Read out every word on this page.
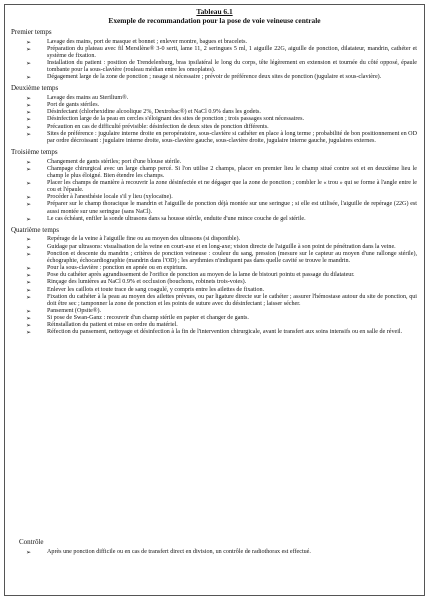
Tableau 6.1
Exemple de recommandation pour la pose de voie veineuse centrale
Premier temps
➢	Lavage des mains, port de masque et bonnet ; enlever montre, bagues et bracelets.
➢	Préparation du plateau avec fil Mersilène® 3-0 serti, lame 11, 2 seringues 5 ml, 1 aiguille 22G, aiguille de ponction, dilatateur, mandrin, cathéter et système de fixation.
➢	Installation du patient : position de Trendelenburg, bras ipsilatéral le long du corps, tête légèrement en extension et tournée du côté opposé, épaule tombante pour la sous-clavière (rouleau médian entre les omoplates).
➢	Dégagement large de la zone de ponction ; rasage si nécessaire ; prévoir de préférence deux sites de ponction (jugulaire et sous-clavière).
Deuxième temps
➢	Lavage des mains au Sterilium®.
➢	Port de gants stériles.
➢	Désinfectant (chlorhexidine alcoolique 2%, Dextrobac®) et NaCl 0.9% dans les godets.
➢	Désinfection large de la peau en cercles s'éloignant des sites de ponction ; trois passages sont nécessaires.
➢	Précaution en cas de difficulté prévisible: désinfection de deux sites de ponction différents.
➢	Sites de préférence : jugulaire interne droite en peropératoire, sous-clavière si cathéter en place à long terme ; probabilité de bon positionnement en OD par ordre décroissant : jugulaire interne droite, sous-clavière gauche, sous-clavière droite, jugulaire interne gauche, jugulaires externes.
Troisième temps
➢	Changement de gants stériles; port d'une blouse stérile.
➢	Champage chirurgical avec un large champ percé. Si l'on utilise 2 champs, placer en premier lieu le champ situé contre soi et en deuxième lieu le champ le plus éloigné. Bien étendre les champs.
➢	Placer les champs de manière à recouvrir la zone désinfectée et ne dégager que la zone de ponction ; combler le « trou » qui se forme à l'angle entre le cou et l'épaule.
➢	Procéder à l'anesthésie locale s'il y lieu (xylocaïne).
➢	Préparer sur le champ thoracique le mandrin et l'aiguille de ponction déjà montée sur une seringue ; si elle est utilisée, l'aiguille de repérage (22G) est aussi montée sur une seringue (sans NaCl).
➢	Le cas échéant, enfiler la sonde ultrasons dans sa housse stérile, enduite d'une mince couche de gel stérile.
Quatrième temps
➢	Repérage de la veine à l'aiguille fine ou au moyen des ultrasons (si disponible).
➢	Guidage par ultrasons: visualisation de la veine en court-axe et en long-axe; vision directe de l'aiguille à son point de pénétration dans la veine.
➢	Ponction et descente du mandrin ; critères de ponction veineuse : couleur du sang, pression (mesure sur le capteur au moyen d'une rallonge stérile), échographie, échocardiographie (mandrin dans l'OD) ; les arythmies n'indiquent pas dans quelle cavité se trouve le mandrin.
➢	Pour la sous-clavière : ponction en apnée ou en expirium.
➢	Pose du cathéter après agrandissement de l'orifice de ponction au moyen de la lame de bistouri pointu et passage du dilatateur.
➢	Rinçage des lumières au NaCl 0.9% et occlusion (bouchons, robinets trois-voies).
➢	Enlever les caillots et toute trace de sang coagulé, y compris entre les ailettes de fixation.
➢	Fixation du cathéter à la peau au moyen des ailettes prévues, ou par ligature directe sur le cathéter ; assurer l'hémostase autour du site de ponction, qui doit être sec ; tamponner la zone de ponction et les points de suture avec du désinfectant ; laisser sécher.
➢	Pansement (Opsite®).
➢	Si pose de Swan-Ganz : recouvrir d'un champ stérile en papier et changer de gants.
➢	Réinstallation du patient et mise en ordre du matériel.
➢	Réfection du pansement, nettoyage et désinfection à la fin de l'intervention chirurgicale, avant le transfert aux soins intensifs ou en salle de réveil.
Contrôle
➢	Après une ponction difficile ou en cas de transfert direct en division, un contrôle de radiothorax est effectué.
